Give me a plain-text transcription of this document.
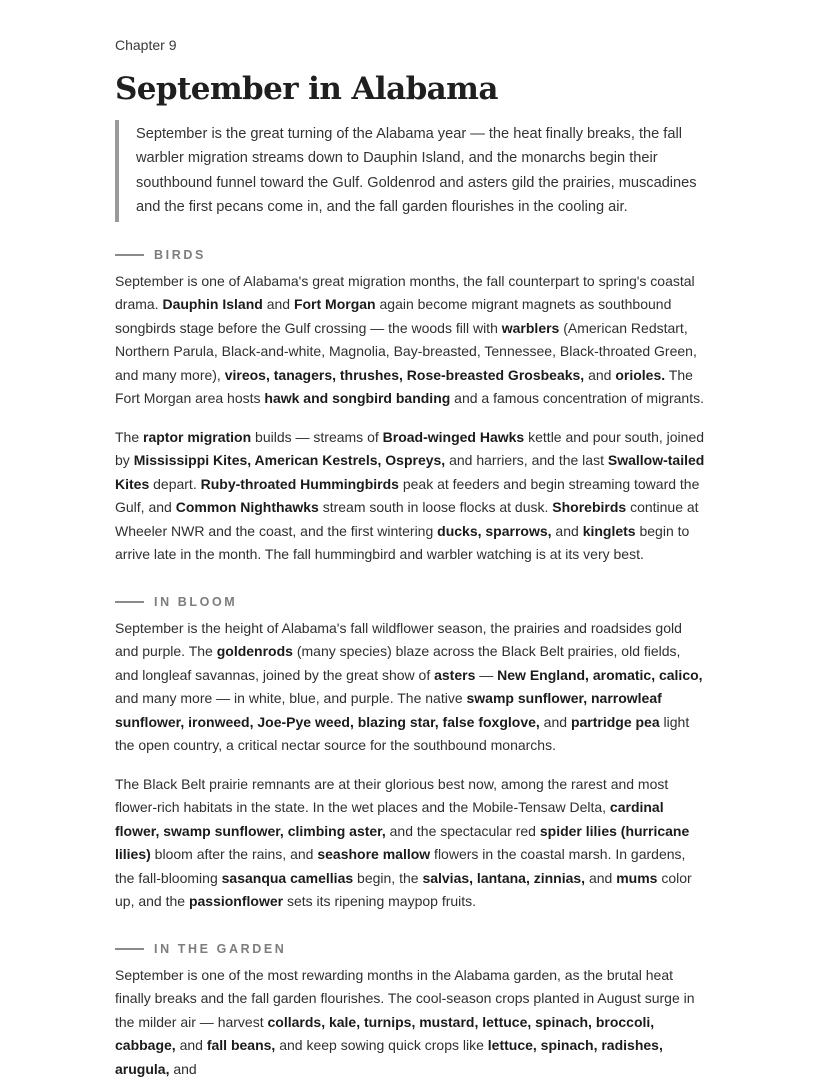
Chapter 9
September in Alabama
September is the great turning of the Alabama year — the heat finally breaks, the fall warbler migration streams down to Dauphin Island, and the monarchs begin their southbound funnel toward the Gulf. Goldenrod and asters gild the prairies, muscadines and the first pecans come in, and the fall garden flourishes in the cooling air.
BIRDS

September is one of Alabama's great migration months, the fall counterpart to spring's coastal drama. Dauphin Island and Fort Morgan again become migrant magnets as southbound songbirds stage before the Gulf crossing — the woods fill with warblers (American Redstart, Northern Parula, Black-and-white, Magnolia, Bay-breasted, Tennessee, Black-throated Green, and many more), vireos, tanagers, thrushes, Rose-breasted Grosbeaks, and orioles. The Fort Morgan area hosts hawk and songbird banding and a famous concentration of migrants.

The raptor migration builds — streams of Broad-winged Hawks kettle and pour south, joined by Mississippi Kites, American Kestrels, Ospreys, and harriers, and the last Swallow-tailed Kites depart. Ruby-throated Hummingbirds peak at feeders and begin streaming toward the Gulf, and Common Nighthawks stream south in loose flocks at dusk. Shorebirds continue at Wheeler NWR and the coast, and the first wintering ducks, sparrows, and kinglets begin to arrive late in the month. The fall hummingbird and warbler watching is at its very best.

IN BLOOM

September is the height of Alabama's fall wildflower season, the prairies and roadsides gold and purple. The goldenrods (many species) blaze across the Black Belt prairies, old fields, and longleaf savannas, joined by the great show of asters — New England, aromatic, calico, and many more — in white, blue, and purple. The native swamp sunflower, narrowleaf sunflower, ironweed, Joe-Pye weed, blazing star, false foxglove, and partridge pea light the open country, a critical nectar source for the southbound monarchs.

The Black Belt prairie remnants are at their glorious best now, among the rarest and most flower-rich habitats in the state. In the wet places and the Mobile-Tensaw Delta, cardinal flower, swamp sunflower, climbing aster, and the spectacular red spider lilies (hurricane lilies) bloom after the rains, and seashore mallow flowers in the coastal marsh. In gardens, the fall-blooming sasanqua camellias begin, the salvias, lantana, zinnias, and mums color up, and the passionflower sets its ripening maypop fruits.

IN THE GARDEN

September is one of the most rewarding months in the Alabama garden, as the brutal heat finally breaks and the fall garden flourishes. The cool-season crops planted in August surge in the milder air — harvest collards, kale, turnips, mustard, lettuce, spinach, broccoli, cabbage, and fall beans, and keep sowing quick crops like lettuce, spinach, radishes, arugula, and
